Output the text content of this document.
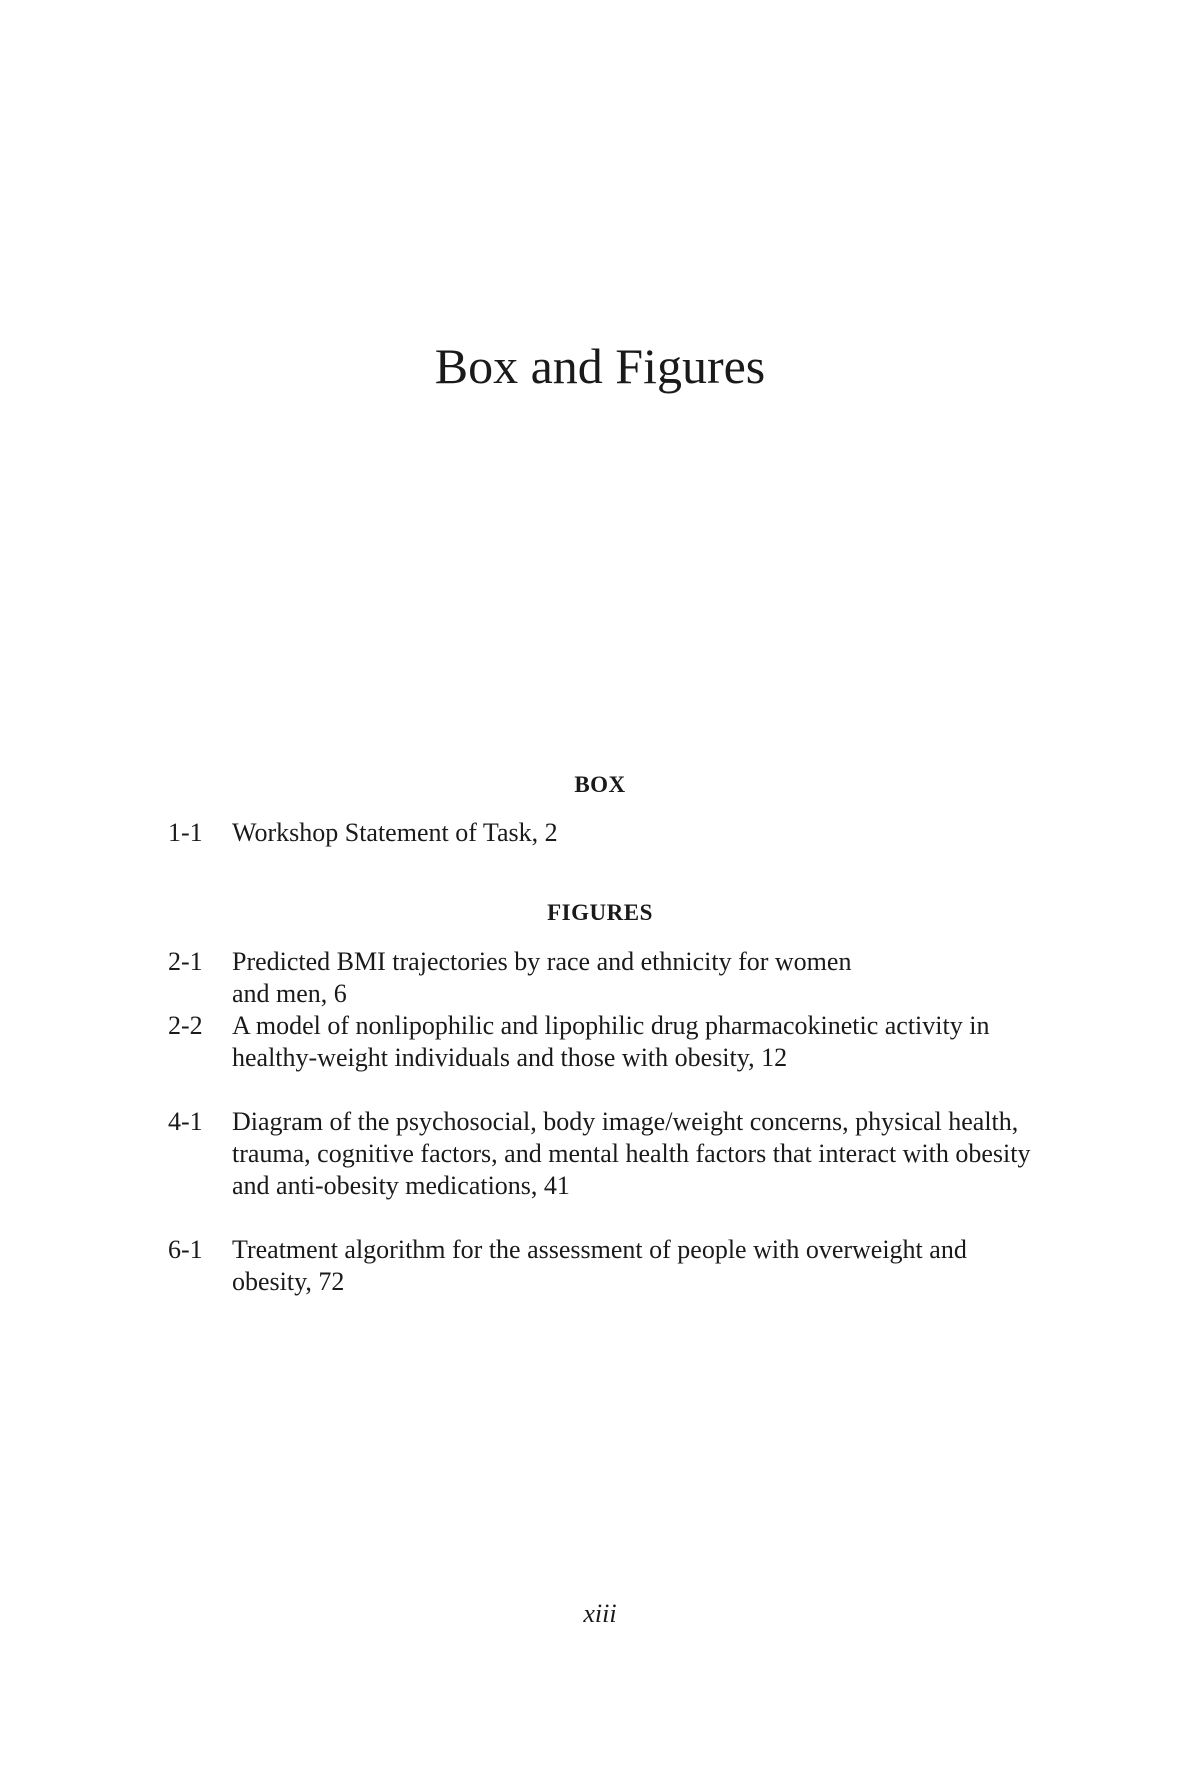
Box and Figures
BOX
1-1	Workshop Statement of Task, 2
FIGURES
2-1	Predicted BMI trajectories by race and ethnicity for women and men, 6
2-2	A model of nonlipophilic and lipophilic drug pharmacokinetic activity in healthy-weight individuals and those with obesity, 12
4-1	Diagram of the psychosocial, body image/weight concerns, physical health, trauma, cognitive factors, and mental health factors that interact with obesity and anti-obesity medications, 41
6-1	Treatment algorithm for the assessment of people with overweight and obesity, 72
xiii
